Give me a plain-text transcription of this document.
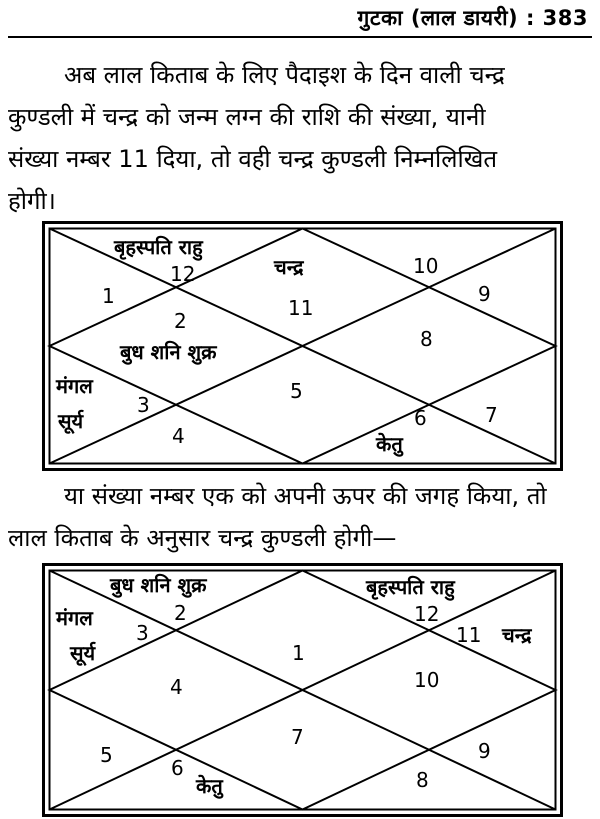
गुटका (लाल डायरी) : 383
अब लाल किताब के लिए पैदाइश के दिन वाली चन्द्र
कुण्डली में चन्द्र को जन्म लग्न की राशि की संख्या, यानी
संख्या नम्बर 11 दिया, तो वही चन्द्र कुण्डली निम्नलिखित
होगी।
बृहस्पति राहु
12	चन्द्र
11
10
9
1
2
बुध शनि शुक्र
8
मंगल
सूर्य
3
5
4
6	7
केतु
या संख्या नम्बर एक को अपनी ऊपर की जगह किया, तो
लाल किताब के अनुसार चन्द्र कुण्डली होगी—
बुध शनि शुक्र
2
बृहस्पति राहु
12
मंगल
3
सूर्य
11 चन्द्र
1
4	10
7
5
6
केतु
9
8
